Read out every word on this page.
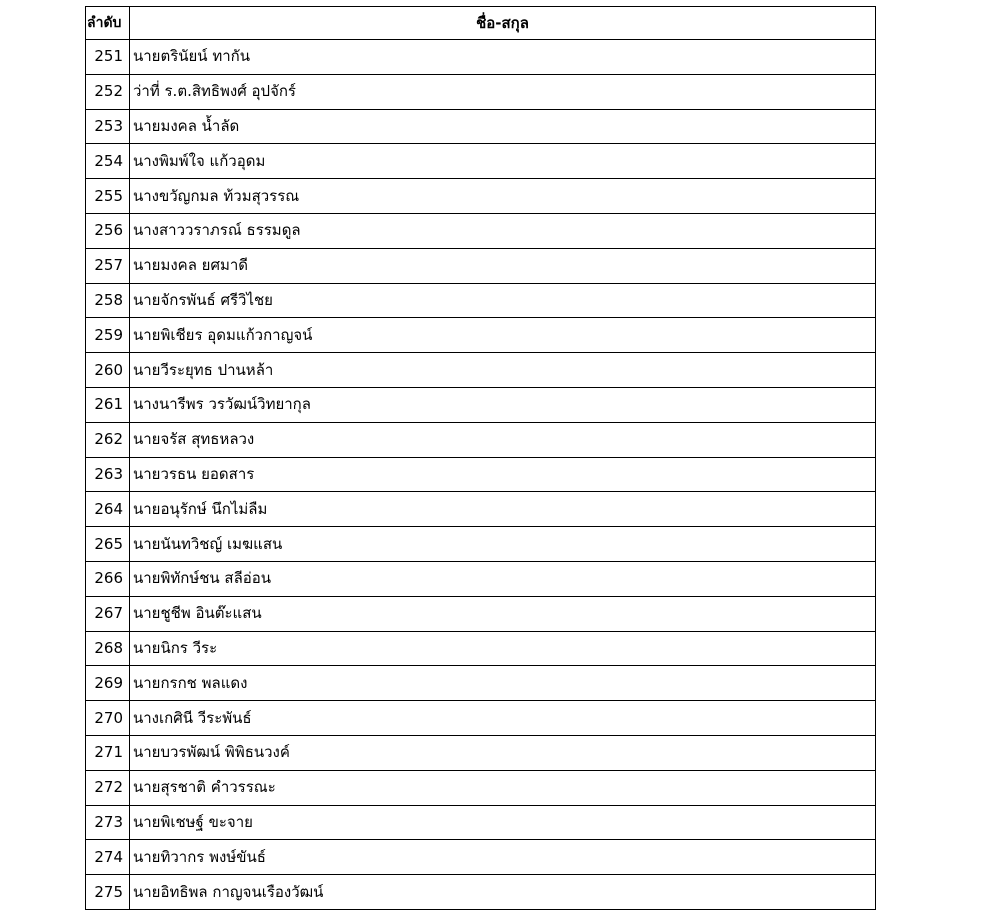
ลำดับ	ชื่อ-สกุล
251	นายตรินัยน์ ทากัน
252	ว่าที่ ร.ต.สิทธิพงศ์ อุปจักร์
253	นายมงคล น้ำลัด
254	นางพิมพ์ใจ แก้วอุดม
255	นางขวัญกมล ท้วมสุวรรณ
256	นางสาววราภรณ์ ธรรมดูล
257	นายมงคล ยศมาดี
258	นายจักรพันธ์ ศรีวิไชย
259	นายพิเชียร อุดมแก้วกาญจน์
260	นายวีระยุทธ ปานหล้า
261	นางนารีพร วรวัฒน์วิทยากุล
262	นายจรัส สุทธหลวง
263	นายวรธน ยอดสาร
264	นายอนุรักษ์ นึกไม่ลืม
265	นายนันทวิชญ์ เมฆแสน
266	นายพิทักษ์ชน สลีอ่อน
267	นายชูชีพ อินต๊ะแสน
268	นายนิกร วีระ
269	นายกรกช พลแดง
270	นางเกศินี วีระพันธ์
271	นายบวรพัฒน์ พิพิธนวงค์
272	นายสุรชาติ คำวรรณะ
273	นายพิเชษฐ์ ขะจาย
274	นายทิวากร พงษ์ขันธ์
275	นายอิทธิพล กาญจนเรืองวัฒน์
